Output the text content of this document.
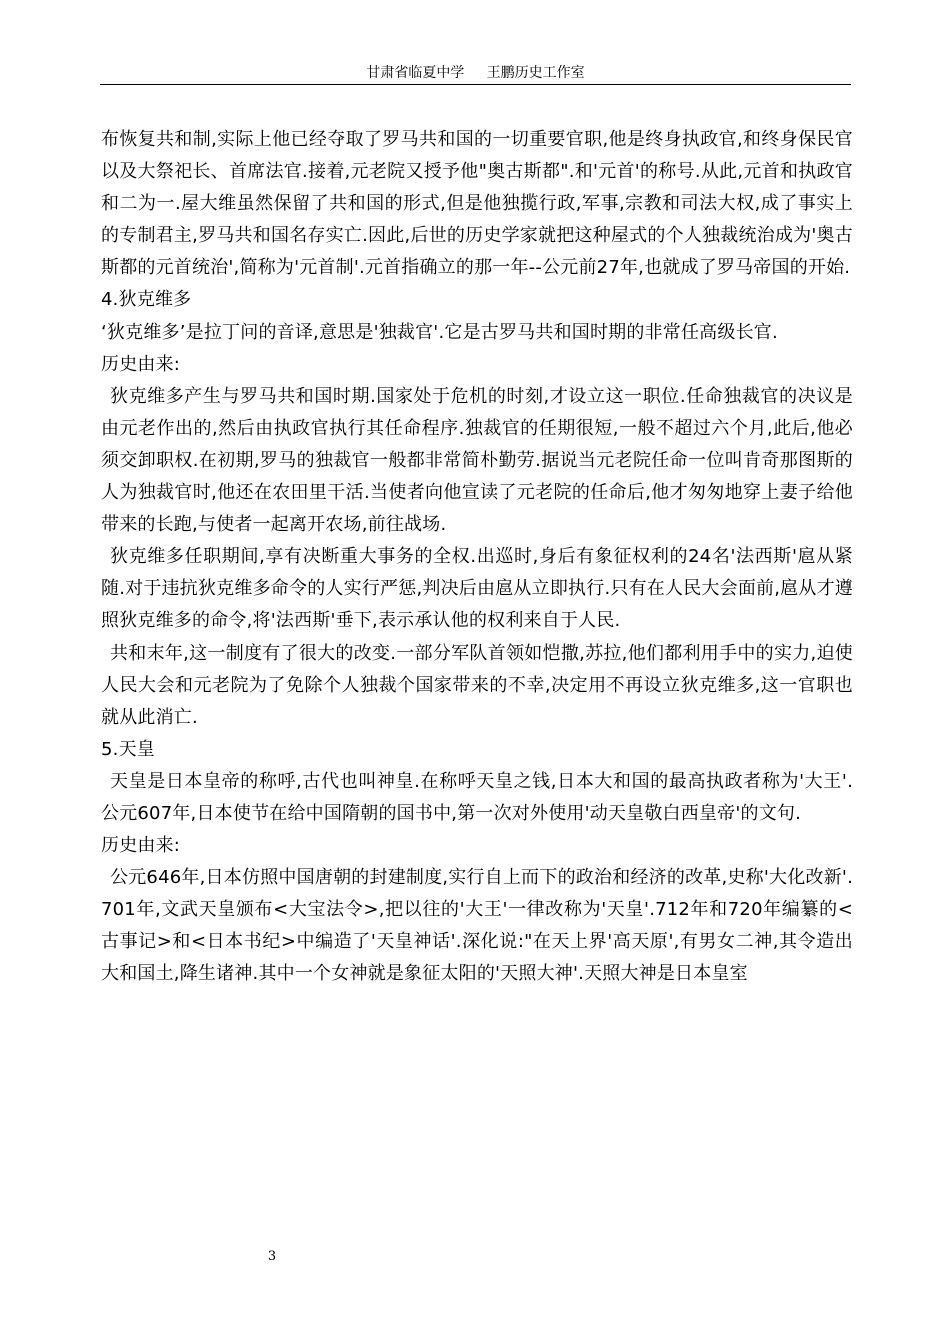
甘肃省临夏中学 王鹏历史工作室

布恢复共和制,实际上他已经夺取了罗马共和国的一切重要官职,他是终身执政官,和终身保民官以及大祭祀长、首席法官.接着,元老院又授予他"奥古斯都".和'元首'的称号.从此,元首和执政官和二为一.屋大维虽然保留了共和国的形式,但是他独揽行政,军事,宗教和司法大权,成了事实上的专制君主,罗马共和国名存实亡.因此,后世的历史学家就把这种屋式的个人独裁统治成为'奥古斯都的元首统治',简称为'元首制'.元首指确立的那一年--公元前27年,也就成了罗马帝国的开始.

4.狄克维多

‘狄克维多’是拉丁问的音译,意思是'独裁官'.它是古罗马共和国时期的非常任高级长官.

历史由来:

狄克维多产生与罗马共和国时期.国家处于危机的时刻,才设立这一职位.任命独裁官的决议是由元老作出的,然后由执政官执行其任命程序.独裁官的任期很短,一般不超过六个月,此后,他必须交卸职权.在初期,罗马的独裁官一般都非常简朴勤劳.据说当元老院任命一位叫肯奇那图斯的人为独裁官时,他还在农田里干活.当使者向他宣读了元老院的任命后,他才匆匆地穿上妻子给他带来的长跑,与使者一起离开农场,前往战场.

狄克维多任职期间,享有决断重大事务的全权.出巡时,身后有象征权利的24名'法西斯'扈从紧随.对于违抗狄克维多命令的人实行严惩,判决后由扈从立即执行.只有在人民大会面前,扈从才遵照狄克维多的命令,将'法西斯'垂下,表示承认他的权利来自于人民.

共和末年,这一制度有了很大的改变.一部分军队首领如恺撒,苏拉,他们都利用手中的实力,迫使人民大会和元老院为了免除个人独裁个国家带来的不幸,决定用不再设立狄克维多,这一官职也就从此消亡.

5.天皇

天皇是日本皇帝的称呼,古代也叫神皇.在称呼天皇之钱,日本大和国的最高执政者称为'大王'.公元607年,日本使节在给中国隋朝的国书中,第一次对外使用'动天皇敬白西皇帝'的文句.

历史由来:

公元646年,日本仿照中国唐朝的封建制度,实行自上而下的政治和经济的改革,史称'大化改新'.701年,文武天皇颁布<大宝法令>,把以往的'大王'一律改称为'天皇'.712年和720年编纂的<古事记>和<日本书纪>中编造了'天皇神话'.深化说:"在天上界'高天原',有男女二神,其令造出大和国土,降生诸神.其中一个女神就是象征太阳的'天照大神'.天照大神是日本皇室

3
